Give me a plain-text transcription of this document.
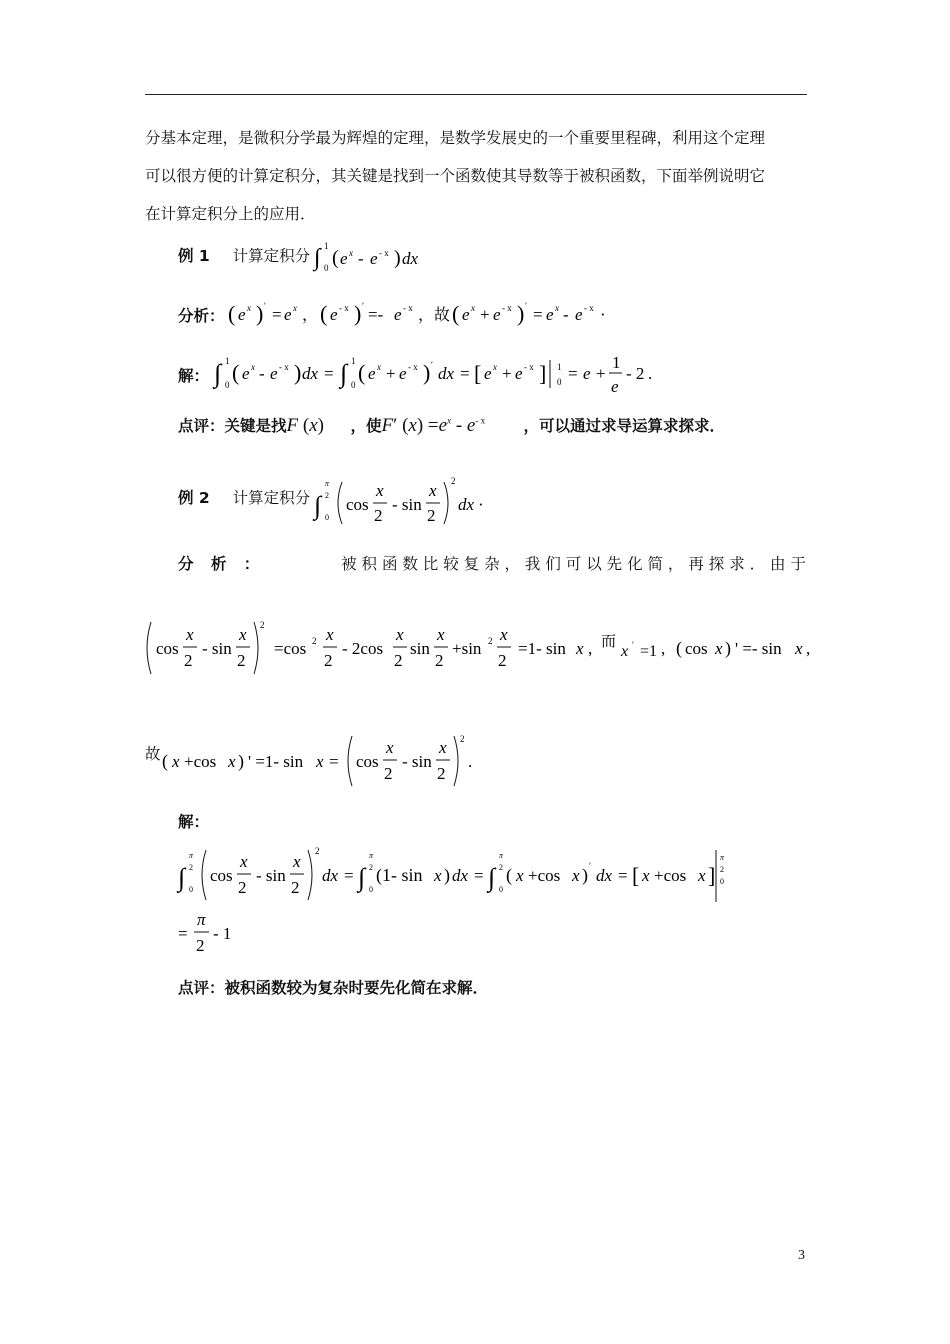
分基本定理，是微积分学最为辉煌的定理，是数学发展史的一个重要里程碑，利用这个定理
可以很方便的计算定积分，其关键是找到一个函数使其导数等于被积函数，下面举例说明它
在计算定积分上的应用．
例 1 计算定积分 ∫ 1
0 ( e x - e - x ) dx
分析： ( e x ) ′ = e x ， ( e - x ) ′ =- e - x ，故 ( e x + e - x ) ′ = e x - e - x ·
解： ∫ 1
0 ( e x - e - x ) dx = ∫ 1
0 ( e x + e - x ) ′ dx = [ e x + e - x ] 1
0 = e +
1
e
- 2 .
点评：关键是找F (x) ，使F′ $(x) =e^x - e^{- x}$ ，可以通过求导运算求探求．
例 2 计算定积分 ∫
π
2
0
cos
x
2
- sin
x
2
2
dx ·
分 析 ：	被 积 函 数 比 较 复 杂 ， 我 们 可 以 先 化 简 ， 再 探 求 ． 由 于
cos
x
2
- sin
x
2
2
=cos 2 x
2
- 2cos
x
2
sin
x
2
+sin 2 x
2
=1- sin x , 而
x ′ =1 , ( cos x ) ' =- sin x ,
故 ( x +cos x ) ' =1- sin x = cos
x
2
- sin
x
2
2
.
解：
∫
π
2
0
cos
x
2
- sin
x
2
2
dx = ∫
π
2
0
(1- sin x ) dx = ∫
π
2
0
( x +cos x ) ′ dx = [ x +cos x ]
π
2
0
=
π
2
- 1
点评：被积函数较为复杂时要先化简在求解．
3
